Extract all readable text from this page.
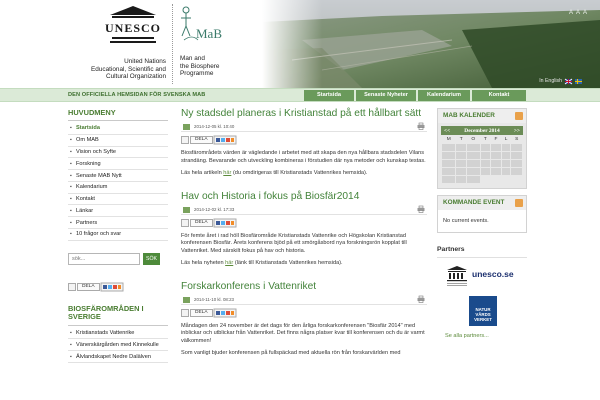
UNESCO
United Nations
Educational, Scientific and
Cultural Organization
MaB
Man and
the Biosphere
Programme
A A A
In English
DEN OFFICIELLA HEMSIDAN FÖR SVENSKA MAB	Startsida	Senaste Nyheter	Kalendarium	Kontakt
HUVUDMENY
▪ Startsida
▪ Om MAB
▪ Vision och Syfte
▪ Forskning
▪ Senaste MAB Nytt
▪ Kalendarium
▪ Kontakt
▪ Länkar
▪ Partners
▪ 10 frågor och svar
sök...
SÖK
DELA
BIOSFÄROMRÅDEN I SVERIGE
▪ Kristianstads Vattenrike
▪ Vänerskärgården med Kinnekulle
▪ Älvlandskapet Nedre Dalälven
Ny stadsdel planeras i Kristianstad på ett hållbart sätt
2014-12-05 kl. 10:40
DELA

Biosfärområdets värden är vägledande i arbetet med att skapa den nya hållbara stadsdelen Vilans strandäng. Bevarande och utveckling kombineras i förstudien där nya metoder och kunskap testas.

Läs hela artikeln här (du omdirigeras till Kristianstads Vattenrikes hemsida).

Hav och Historia i fokus på Biosfär2014
2014-12-02 kl. 17:33
DELA

För femte året i rad höll Biosfärområde Kristianstads Vattenrike och Högskolan Kristianstad konferensen Biosfär. Årets konferens bjöd på ett smörgåsbord nya forskningsrön kopplat till Vattenriket. Med särskilt fokus på hav och historia.

Läs hela nyheten här (länk till Kristianstads Vattenrikes hemsida).

Forskarkonferens i Vattenriket
2014-11-10 kl. 08:23
DELA

Måndagen den 24 november är det dags för den årliga forskarkonferensen "Biosfär 2014" med inblickar och utblickar från Vattenriket. Det finns några platser kvar till konferensen och du är varmt välkommen!

Som vanligt bjuder konferensen på fullspäckad med aktuella rön från forskarvärlden med

MAB KALENDER
<<	December 2014	>>
M	T	O	T	F	L	S

KOMMANDE EVENT
No current events.
Partners
unesco.se
NATUR
VÅRDS
VERKET
Se alla partners...
